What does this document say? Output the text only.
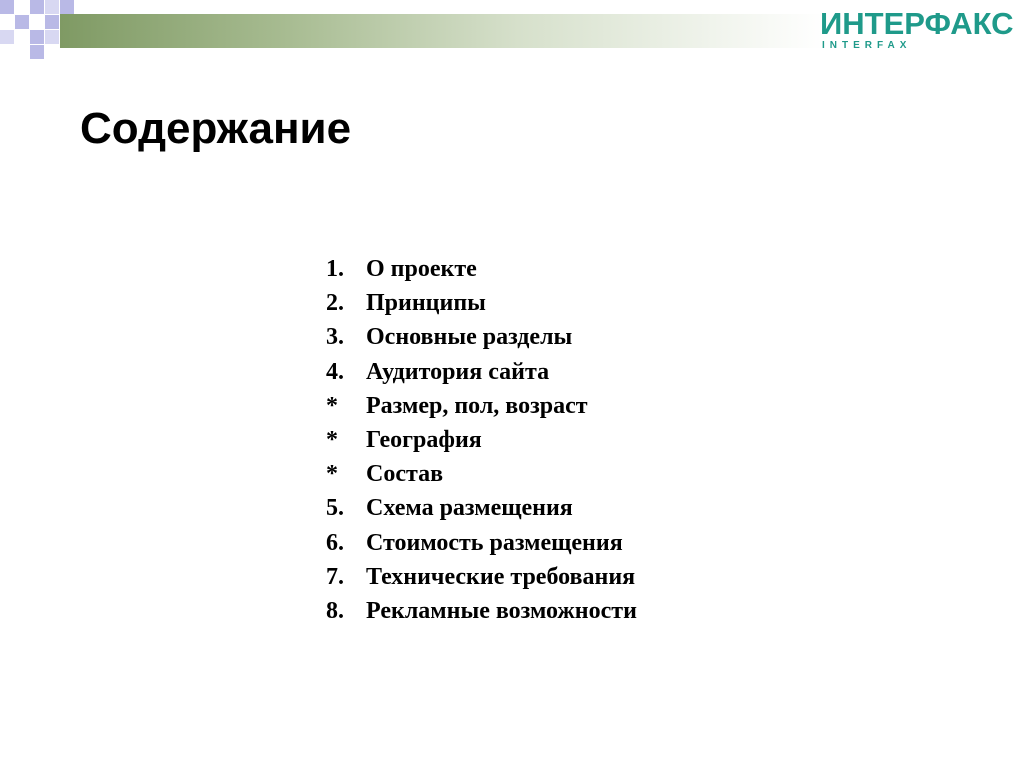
ИНТЕРФАКС
INTERFAX
Содержание
1. О проекте
2. Принципы
3. Основные разделы
4. Аудитория сайта
* Размер, пол, возраст
* География
* Состав
5. Схема размещения
6. Стоимость размещения
7. Технические требования
8. Рекламные возможности
